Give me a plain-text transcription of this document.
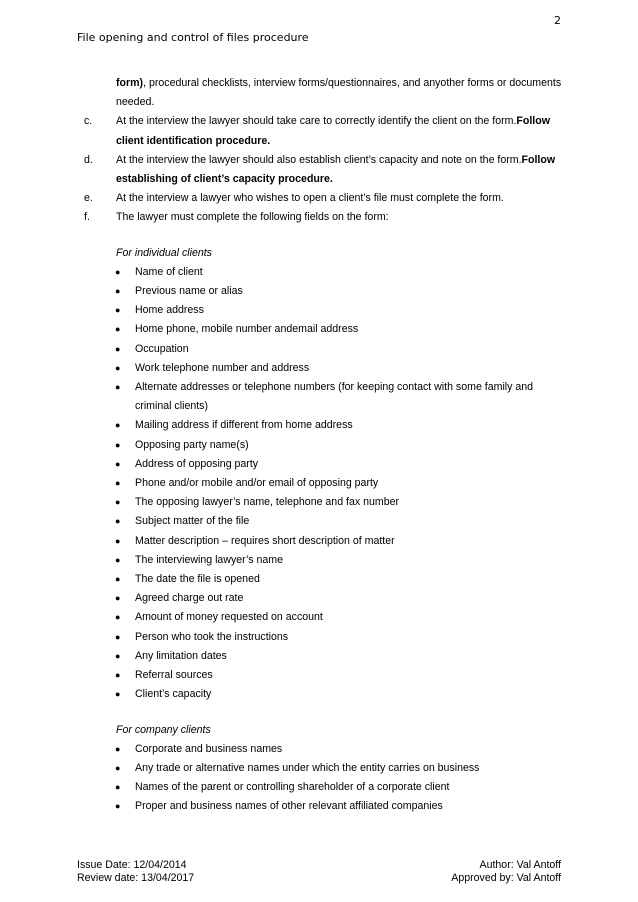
2
File opening and control of files procedure
form), procedural checklists, interview forms/questionnaires, and anyother forms or documents needed.
c. At the interview the lawyer should take care to correctly identify the client on the form.Follow client identification procedure.
d. At the interview the lawyer should also establish client’s capacity and note on the form.Follow establishing of client’s capacity procedure.
e. At the interview a lawyer who wishes to open a client’s file must complete the form.
f. The lawyer must complete the following fields on the form:
For individual clients
● Name of client
● Previous name or alias
● Home address
● Home phone, mobile number andemail address
● Occupation
● Work telephone number and address
● Alternate addresses or telephone numbers (for keeping contact with some family and criminal clients)
● Mailing address if different from home address
● Opposing party name(s)
● Address of opposing party
● Phone and/or mobile and/or email of opposing party
● The opposing lawyer’s name, telephone and fax number
● Subject matter of the file
● Matter description – requires short description of matter
● The interviewing lawyer’s name
● The date the file is opened
● Agreed charge out rate
● Amount of money requested on account
● Person who took the instructions
● Any limitation dates
● Referral sources
● Client’s capacity
For company clients
● Corporate and business names
● Any trade or alternative names under which the entity carries on business
● Names of the parent or controlling shareholder of a corporate client
● Proper and business names of other relevant affiliated companies
Issue Date: 12/04/2014	Author: Val Antoff
Review date: 13/04/2017	Approved by: Val Antoff
